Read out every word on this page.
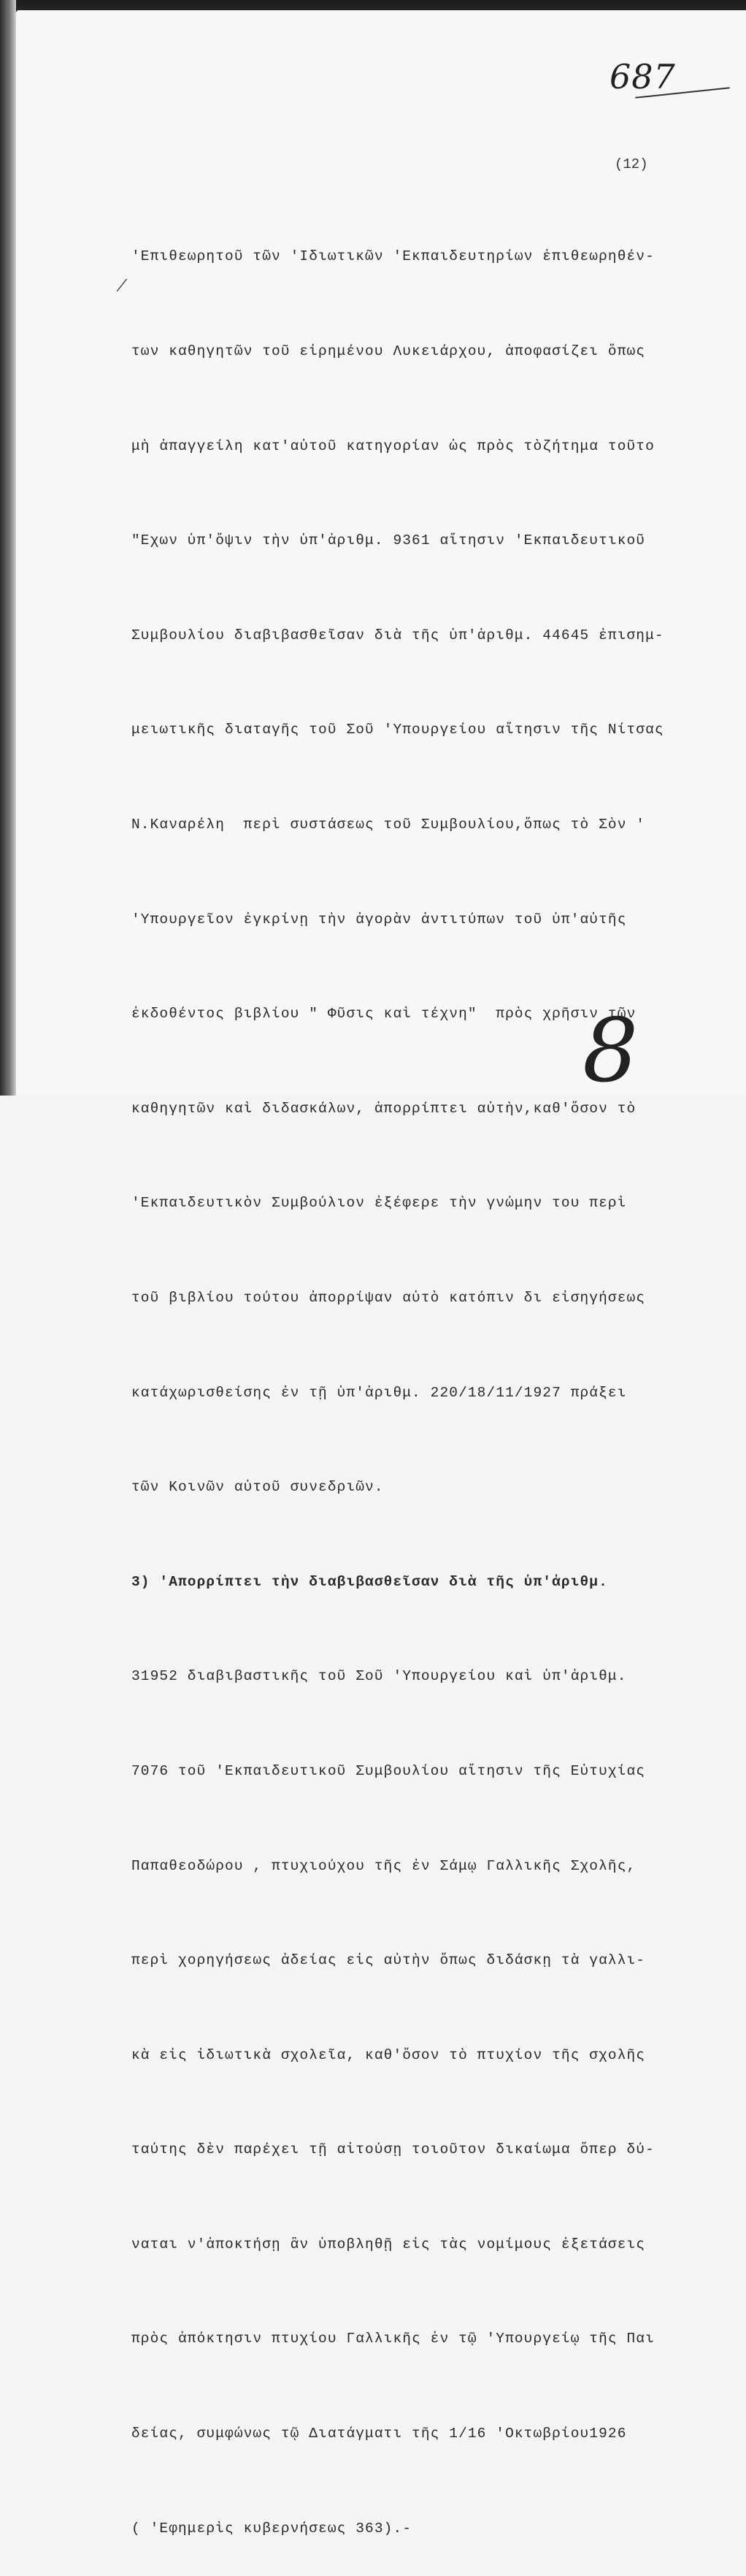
687
(12)
⁄

'Επιθεωρητοῦ τῶν 'Ιδιωτικῶν 'Εκπαιδευτηρίων ἐπιθεωρηθέν-

των καθηγητῶν τοῦ εἰρημένου Λυκειάρχου, ἀποφασίζει ὅπως

μὴ ἀπαγγείλη κατ'αὐτοῦ κατηγορίαν ὡς πρὸς τὸζήτημα τοῦτο

"Εχων ὑπ'ὄψιν τὴν ὑπ'ἀριθμ. 9361 αἴτησιν 'Εκπαιδευτικοῦ

Συμβουλίου διαβιβασθεῖσαν διὰ τῆς ὑπ'ἀριθμ. 44645 ἐπισημ-

μειωτικῆς διαταγῆς τοῦ Σοῦ 'Υπουργείου αἴτησιν τῆς Νίτσας

Ν.Καναρέλη  περὶ συστάσεως τοῦ Συμβουλίου,ὅπως τὸ Σὸν '

'Υπουργεῖον ἐγκρίνῃ τὴν ἀγορὰν ἀντιτύπων τοῦ ὑπ'αὐτῆς

ἐκδοθέντος βιβλίου " Φῦσις καὶ τέχνη"  πρὸς χρῆσιν τῶν

καθηγητῶν καὶ διδασκάλων, ἀπορρίπτει αὐτὴν,καθ'ὅσον τὸ

'Εκπαιδευτικὸν Συμβούλιον ἐξέφερε τὴν γνώμην του περὶ

τοῦ βιβλίου τούτου ἀπορρίψαν αὐτὸ κατόπιν δι εἰσηγήσεως

κατάχωρισθείσης ἐν τῇ ὑπ'ἀριθμ. 220/18/11/1927 πράξει

τῶν Κοινῶν αὐτοῦ συνεδριῶν.

3) 'Απορρίπτει τὴν διαβιβασθεῖσαν διὰ τῆς ὑπ'ἀριθμ.

31952 διαβιβαστικῆς τοῦ Σοῦ 'Υπουργείου καὶ ὑπ'ἀριθμ.

7076 τοῦ 'Εκπαιδευτικοῦ Συμβουλίου αἴτησιν τῆς Εὐτυχίας

Παπαθεοδώρου , πτυχιούχου τῆς ἐν Σάμῳ Γαλλικῆς Σχολῆς,

περὶ χορηγήσεως ἀδείας εἰς αὐτὴν ὅπως διδάσκῃ τὰ γαλλι-

κὰ εἰς ἰδιωτικὰ σχολεῖα, καθ'ὅσον τὸ πτυχίον τῆς σχολῆς

ταύτης δὲν παρέχει τῇ αἰτούσῃ τοιοῦτον δικαίωμα ὅπερ δύ-

ναται ν'ἀποκτήσῃ ἂν ὑποβληθῇ εἰς τὰς νομίμους ἐξετάσεις

πρὸς ἀπόκτησιν πτυχίου Γαλλικῆς ἐν τῷ 'Υπουργείῳ τῆς Παι

δείας, συμφώνως τῷ Διατάγματι τῆς 1/16 'Οκτωβρίου1926

( 'Εφημερὶς κυβερνήσεως 363).-

8
